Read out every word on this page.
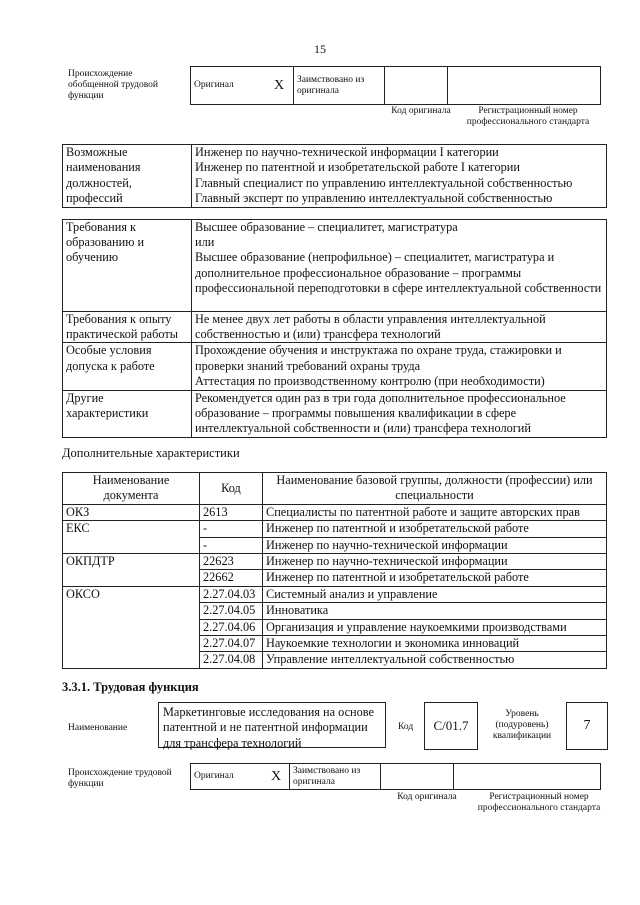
15
Происхождение обобщенной трудовой функции
Оригинал	X	Заимствовано из оригинала		
Код оригинала	Регистрационный номер профессионального стандарта
Возможные наименования должностей, профессий	Инженер по научно-технической информации I категории
Инженер по патентной и изобретательской работе I категории
Главный специалист по управлению интеллектуальной собственностью
Главный эксперт по управлению интеллектуальной собственностью

Требования к образованию и обучению	Высшее образование – специалитет, магистратура
или
Высшее образование (непрофильное) – специалитет, магистратура и дополнительное профессиональное образование – программы профессиональной переподготовки в сфере интеллектуальной собственности

Требования к опыту практической работы	Не менее двух лет работы в области управления интеллектуальной собственностью и (или) трансфера технологий

Особые условия допуска к работе	Прохождение обучения и инструктажа по охране труда, стажировки и проверки знаний требований охраны труда
Аттестация по производственному контролю (при необходимости)

Другие характеристики	Рекомендуется один раз в три года дополнительное профессиональное образование – программы повышения квалификации в сфере интеллектуальной собственности и (или) трансфера технологий
Дополнительные характеристики
Наименование документа	Код	Наименование базовой группы, должности (профессии) или специальности
ОКЗ	2613	Специалисты по патентной работе и защите авторских прав
ЕКС	-	Инженер по патентной и изобретательской работе
	-	Инженер по научно-технической информации
ОКПДТР	22623	Инженер по научно-технической информации
	22662	Инженер по патентной и изобретательской работе
ОКСО	2.27.04.03	Системный анализ и управление
	2.27.04.05	Инноватика
	2.27.04.06	Организация и управление наукоемкими производствами
	2.27.04.07	Наукоемкие технологии и экономика инноваций
	2.27.04.08	Управление интеллектуальной собственностью
3.3.1. Трудовая функция
Наименование
Маркетинговые исследования на основе патентной и не патентной информации для трансфера технологий
Код	C/01.7
Уровень (подуровень) квалификации
7
Происхождение трудовой функции
Оригинал	X	Заимствовано из оригинала		
Код оригинала	Регистрационный номер профессионального стандарта
